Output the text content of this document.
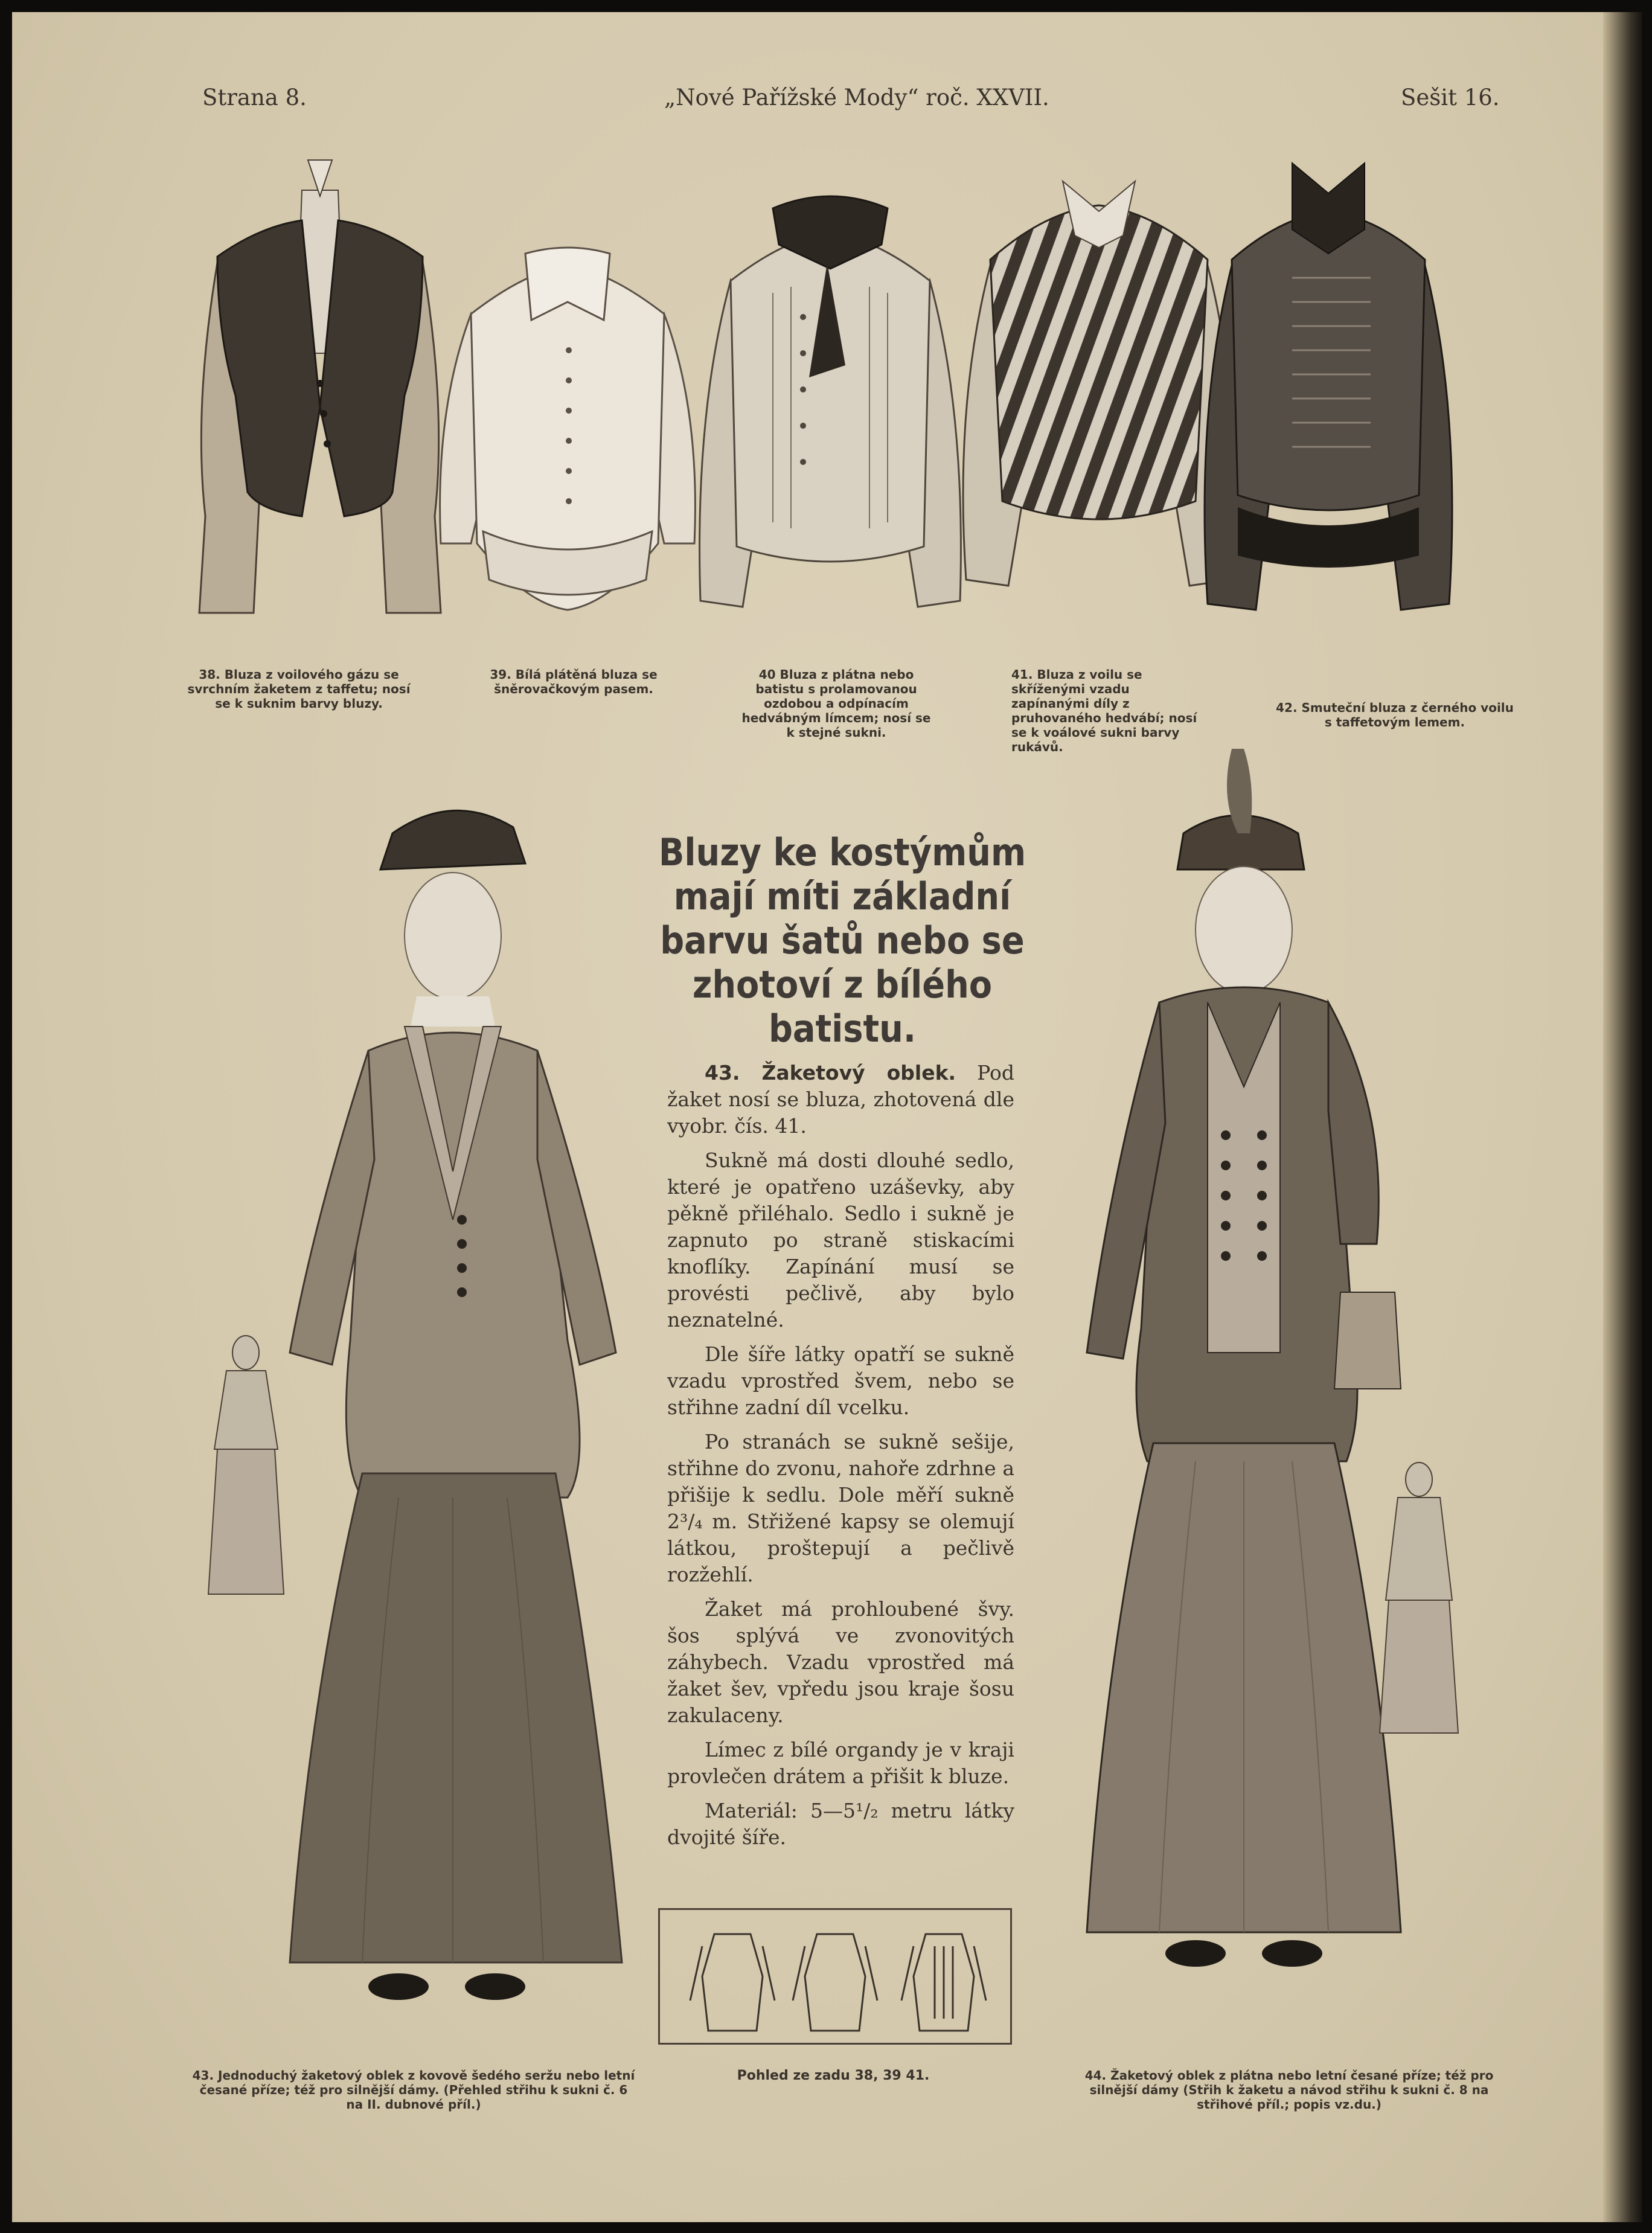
Strana 8.	„Nové Pařížské Mody“ roč. XXVII.	Sešit 16.
38. Bluza z voilového gázu se svrchním žaketem z taffetu; nosí se k suknim barvy bluzy.
39. Bílá plátěná bluza se šněrovačkovým pasem.
40 Bluza z plátna nebo batistu s prolamovanou ozdobou a odpínacím hedvábným límcem; nosí se k stejné sukni.
41. Bluza z voilu se skříženými vzadu zapínanými díly z pruhovaného hedvábí; nosí se k voálové sukni barvy rukávů.
42. Smuteční bluza z černého voilu s taffetovým lemem.
Bluzy ke kostýmům mají míti základní barvu šatů nebo se zhotoví z bílého batistu.

43. Žaketový oblek. Pod žaket nosí se bluza, zhotovená dle vyobr. čís. 41.

Sukně má dosti dlouhé sedlo, které je opatřeno uzáševky, aby pěkně přiléhalo. Sedlo i sukně je zapnuto po straně stiskacími knoflíky. Zapínání musí se provésti pečlivě, aby bylo neznatelné.

Dle šíře látky opatří se sukně vzadu vprostřed švem, nebo se střihne zadní díl vcelku.

Po stranách se sukně sešije, střihne do zvonu, nahoře zdrhne a přišije k sedlu. Dole měří sukně 2³/₄ m. Střižené kapsy se olemují látkou, proštepují a pečlivě rozžehlí.

Žaket má prohloubené švy. šos splývá ve zvonovitých záhybech. Vzadu vprostřed má žaket šev, vpředu jsou kraje šosu zakulaceny.

Límec z bílé organdy je v kraji provlečen drátem a přišit k bluze.

Materiál: 5—5¹/₂ metru látky dvojité šíře.

Pohled ze zadu 38, 39 41.
43. Jednoduchý žaketový oblek z kovově šedého seržu nebo letní česané příze; též pro silnější dámy. (Přehled střihu k sukni č. 6 na II. dubnové příl.)
44. Žaketový oblek z plátna nebo letní česané příze; též pro silnější dámy (Střih k žaketu a návod střihu k sukni č. 8 na střihové příl.; popis vz.du.)
